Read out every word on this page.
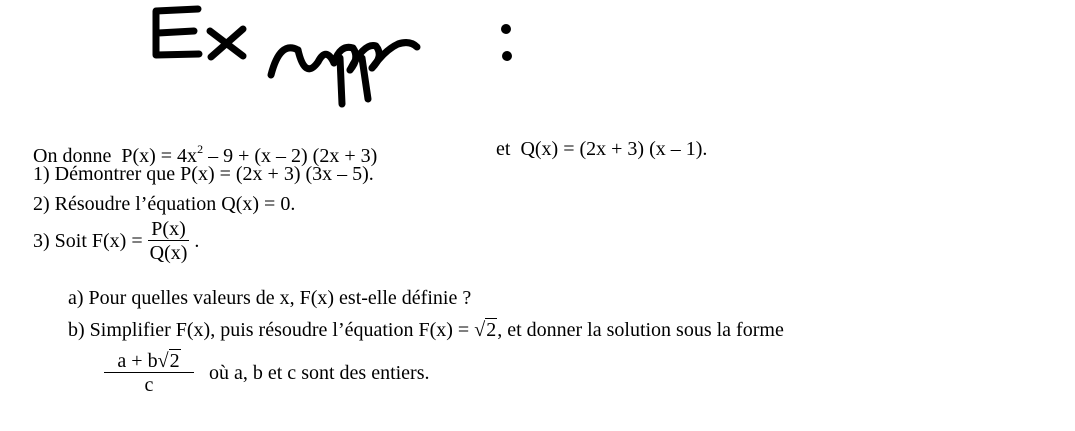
On donne $P(x) = 4x^2 - 9 + (x - 2) (2x + 3)$	et Q(x) = (2x + 3) (x – 1).
1) Démontrer que P(x) = (2x + 3) (3x – 5).
2) Résoudre l’équation Q(x) = 0.
3) Soit $F(x) = \frac{P(x)}{Q(x)}$ .
a) Pour quelles valeurs de x, F(x) est-elle définie ?
b) Simplifier F(x), puis résoudre l’équation F(x) = √2, et donner la solution sous la forme
$\frac{a + b√2}{c}$ où a, b et c sont des entiers.
